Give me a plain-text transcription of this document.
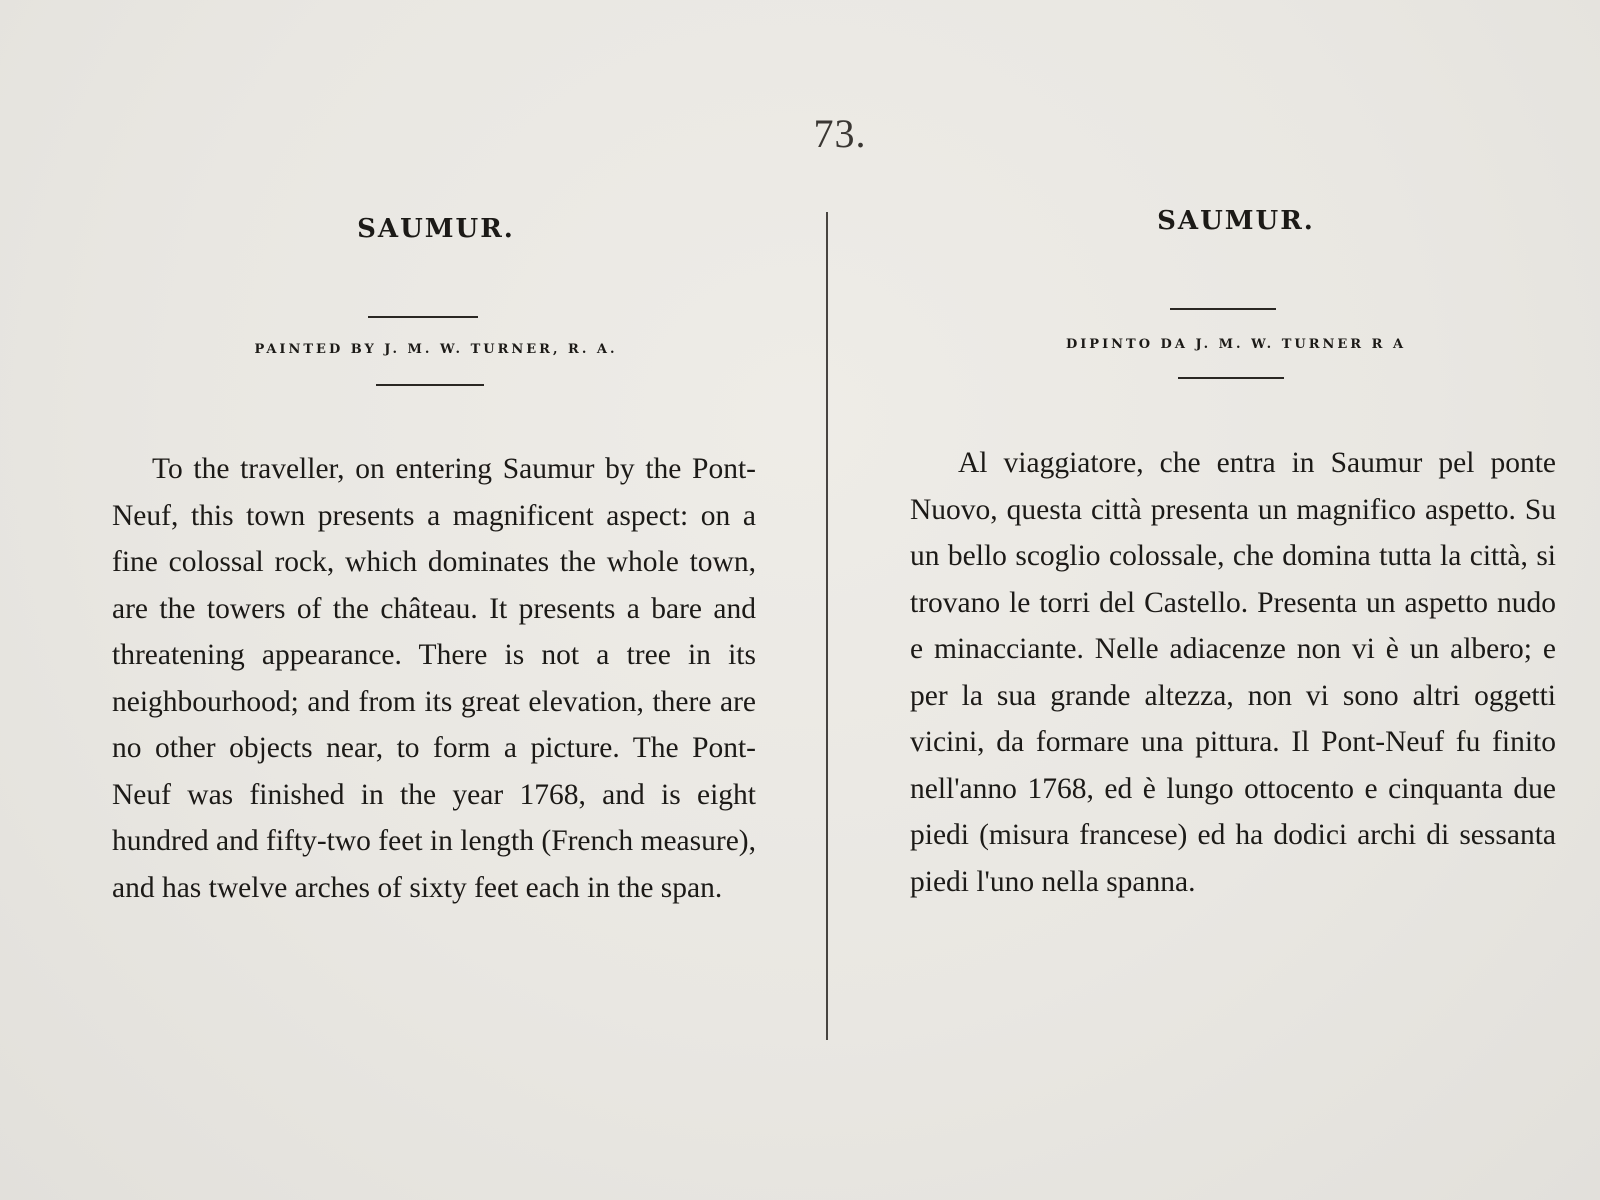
73.
SAUMUR.
PAINTED BY J. M. W. TURNER, R. A.

To the traveller, on entering Saumur by the Pont-Neuf, this town presents a magnificent aspect: on a fine colossal rock, which dominates the whole town, are the towers of the château. It presents a bare and threatening appearance. There is not a tree in its neighbourhood; and from its great elevation, there are no other objects near, to form a picture. The Pont-Neuf was finished in the year 1768, and is eight hundred and fifty-two feet in length (French measure), and has twelve arches of sixty feet each in the span.

SAUMUR.
DIPINTO DA J. M. W. TURNER R A

Al viaggiatore, che entra in Saumur pel ponte Nuovo, questa città presenta un magnifico aspetto. Su un bello scoglio colossale, che domina tutta la città, si trovano le torri del Castello. Presenta un aspetto nudo e minacciante. Nelle adiacenze non vi è un albero; e per la sua grande altezza, non vi sono altri oggetti vicini, da formare una pittura. Il Pont-Neuf fu finito nell'anno 1768, ed è lungo ottocento e cinquanta due piedi (misura francese) ed ha dodici archi di sessanta piedi l'uno nella spanna.
